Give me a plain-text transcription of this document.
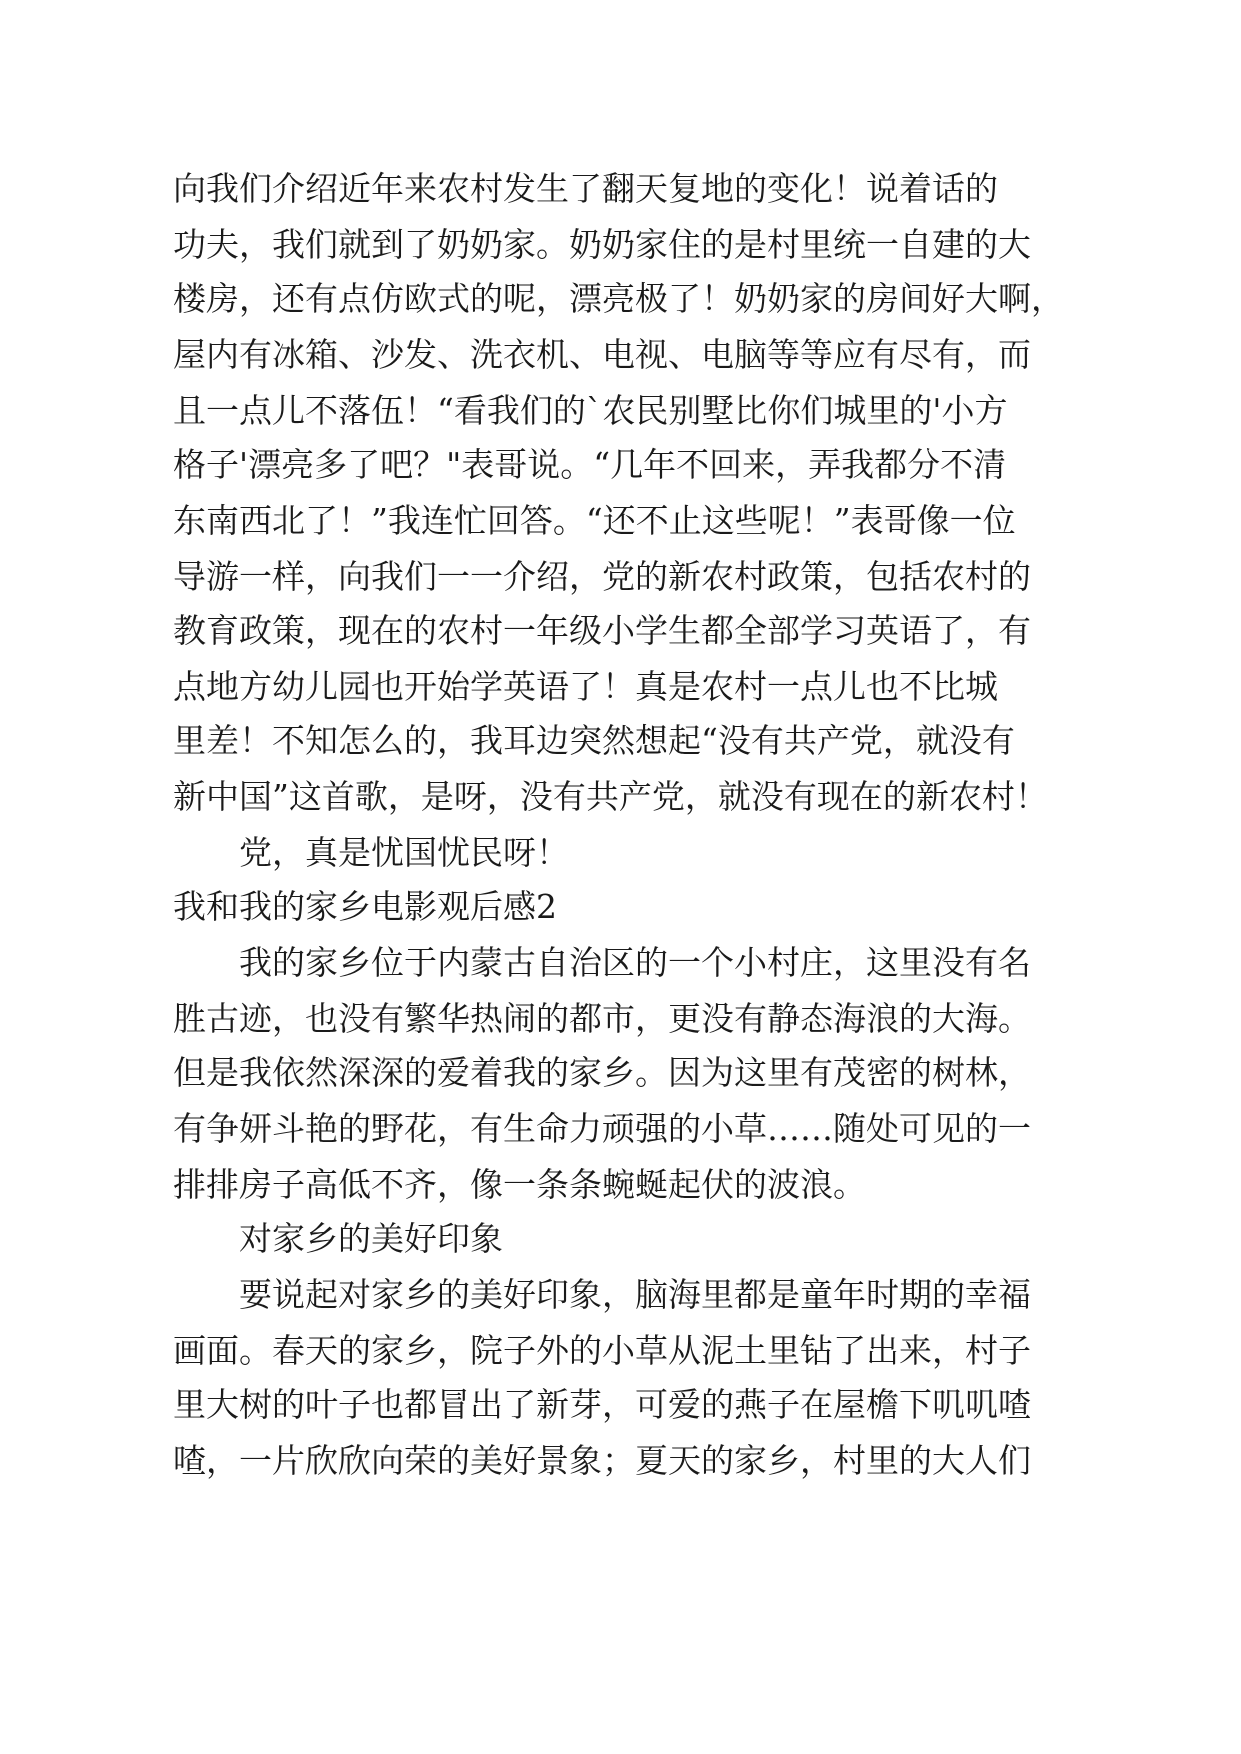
向我们介绍近年来农村发生了翻天复地的变化！说着话的
功夫，我们就到了奶奶家。奶奶家住的是村里统一自建的大
楼房，还有点仿欧式的呢，漂亮极了！奶奶家的房间好大啊，
屋内有冰箱、沙发、洗衣机、电视、电脑等等应有尽有，而
且一点儿不落伍！“看我们的`农民别墅比你们城里的'小方
格子'漂亮多了吧？"表哥说。“几年不回来，弄我都分不清
东南西北了！”我连忙回答。“还不止这些呢！”表哥像一位
导游一样，向我们一一介绍，党的新农村政策，包括农村的
教育政策，现在的农村一年级小学生都全部学习英语了，有
点地方幼儿园也开始学英语了！真是农村一点儿也不比城
里差！不知怎么的，我耳边突然想起“没有共产党，就没有
新中国”这首歌，是呀，没有共产党，就没有现在的新农村！
党，真是忧国忧民呀！
我和我的家乡电影观后感2
我的家乡位于内蒙古自治区的一个小村庄，这里没有名
胜古迹，也没有繁华热闹的都市，更没有静态海浪的大海。
但是我依然深深的爱着我的家乡。因为这里有茂密的树林，
有争妍斗艳的野花，有生命力顽强的小草……随处可见的一
排排房子高低不齐，像一条条蜿蜒起伏的波浪。
对家乡的美好印象
要说起对家乡的美好印象，脑海里都是童年时期的幸福
画面。春天的家乡，院子外的小草从泥土里钻了出来，村子
里大树的叶子也都冒出了新芽，可爱的燕子在屋檐下叽叽喳
喳，一片欣欣向荣的美好景象；夏天的家乡，村里的大人们
